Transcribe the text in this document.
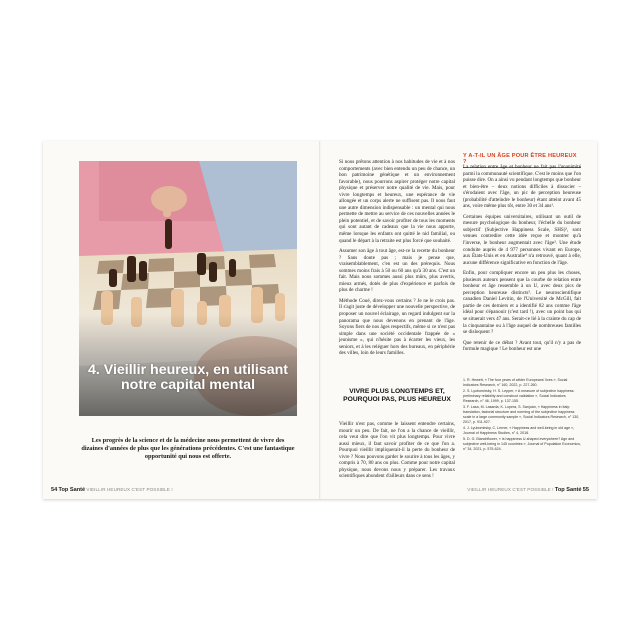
4. Vieillir heureux, en utilisant notre capital mental
Les progrès de la science et de la médecine nous permettent de vivre des dizaines d'années de plus que les générations précédentes. C'est une fantastique opportunité qui nous est offerte.
54 Top Santé VIEILLIR HEUREUX C'EST POSSIBLE !

Si nous prêtons attention à nos habitudes de vie et à nos comportements (avec bien entendu un peu de chance, un bon patrimoine génétique et un environnement favorable), nous pourrons aspirer protéger notre capital physique et préserver notre qualité de vie. Mais, pour vivre longtemps et heureux, une espérance de vie allongée et un corps alerte ne suffisent pas. Il nous faut une autre dimension indispensable : un mental qui nous permette de mettre au service de ces nouvelles années le plein potentiel, et de savoir profiter de tous les moments qui sont autant de cadeaux que la vie nous apporte, même lorsque les enfants ont quitté le nid familial, ou quand le départ à la retraite est plus forcé que souhaité.

Assumer son âge à tout âge, est-ce la recette du bonheur ? Sans doute pas ; mais je pense que, vraisemblablement, c'en est un des prérequis. Nous sommes moins frais à 50 ou 60 ans qu'à 30 ans. C'est un fait. Mais nous sommes aussi plus mûrs, plus avertis, mieux armés, dotés de plus d'expérience et parfois de plus de charme !

Méthode Coué, direz-vous certains ? Je ne le crois pas. Il s'agit juste de développer une nouvelle perspective, de proposer un nouvel éclairage, un regard indulgent sur la panorama que nous devenons en prenant de l'âge. Soyons fiers de nos âges respectifs, même si ce n'est pas simple dans une société occidentale frappée de « jeunisme », qui n'hésite pas à écarter les vieux, les seniors, et à les reléguer hors des bureaux, en périphérie des villes, loin de leurs familles.

VIVRE PLUS LONGTEMPS ET, POURQUOI PAS, PLUS HEUREUX

Vieillir n'est pas, comme le laissent entendre certains, mourir un peu. De fait, ne l'on a la chance de vieillir, cela veut dire que l'on vit plus longtemps. Pour vivre aussi mieux, il faut savoir profiter de ce que l'on a. Pourquoi vieillir impliquerait-il la perte du bonheur de vivre ? Nous pouvons garder le sourire à tous les âges, y compris à 70, 80 ans ou plus. Comme pour notre capital physique, nous devons nous y préparer. Les travaux scientifiques abondent d'ailleurs dans ce sens !

Y A-T-IL UN ÂGE POUR ÊTRE HEUREUX ?

La relation entre âge et bonheur ne fait pas l'unanimité parmi la communauté scientifique. C'est le moins que l'on puisse dire. On a ainsi vu pendant longtemps que bonheur et bien-être – deux notions difficiles à dissocier – s'érodaient avec l'âge, un pic de perception heureuse (probabilité d'atteindre le bonheur) étant atteint avant 45 ans, voire même plus tôt, entre 30 et 34 ans¹.

Certaines équipes universitaires, utilisant un outil de mesure psychologique du bonheur, l'échelle du bonheur subjectif (Subjective Happiness Scale, SHS)², sont venues contredire cette idée reçue et montrer qu'à l'inverse, le bonheur augmentait avec l'âge³. Une étude conduite auprès de 4 977 personnes vivant en Europe, aux États-Unis et en Australie⁴ n'a retrouvé, quant à elle, aucune différence significative en fonction de l'âge.

Enfin, pour compliquer encore un peu plus les choses, plusieurs auteurs pensent que la courbe de relation entre bonheur et âge ressemble à un U, avec deux pics de perception heureuse distincts⁵. Le neuroscientifique canadien Daniel Levitin, de l'Université de McGill, fait partie de ces derniers et a identifié 82 ans comme l'âge idéal pour s'épanouir (c'est tard !), avec un point bas qui se situerait vers 47 ans. Serait-ce lié à la crainte du cap de la cinquantaine ou à l'âge auquel de nombreuses familles se disloquent ?

Que retenir de ce débat ? Avant tout, qu'il n'y a pas de formule magique ! Le bonheur est une

1. R. Hewett, « The four years of wilder Europeans' lives », Social Indicators Research, n° 160, 2022, p. 227-260.
2. S. Lyubomirsky, H. S. Lepper, « A measure of subjective happiness: preliminary reliability and construct validation », Social Indicators Research, n° 46, 1999, p. 137-155.
3. F. Lasa, M. Lasarda, K. Lopera, S. Sanjuán, « Happiness in Italy: translation, factorial structure and norming of the subjective happiness scale in a large community sample », Social Indicators Research, n° 130, 2017, p. 911-927.
4. J. Lyubomirsky, C. Lerner, « Happiness and well-being in old age », Journal of Happiness Studies, n° 4, 2018.
5. D. G. Blanchflower, « Is happiness U-shaped everywhere? Age and subjective well-being in 145 countries », Journal of Population Economics, n° 34, 2021, p. 575-624.
VIEILLIR HEUREUX C'EST POSSIBLE ! Top Santé 55
